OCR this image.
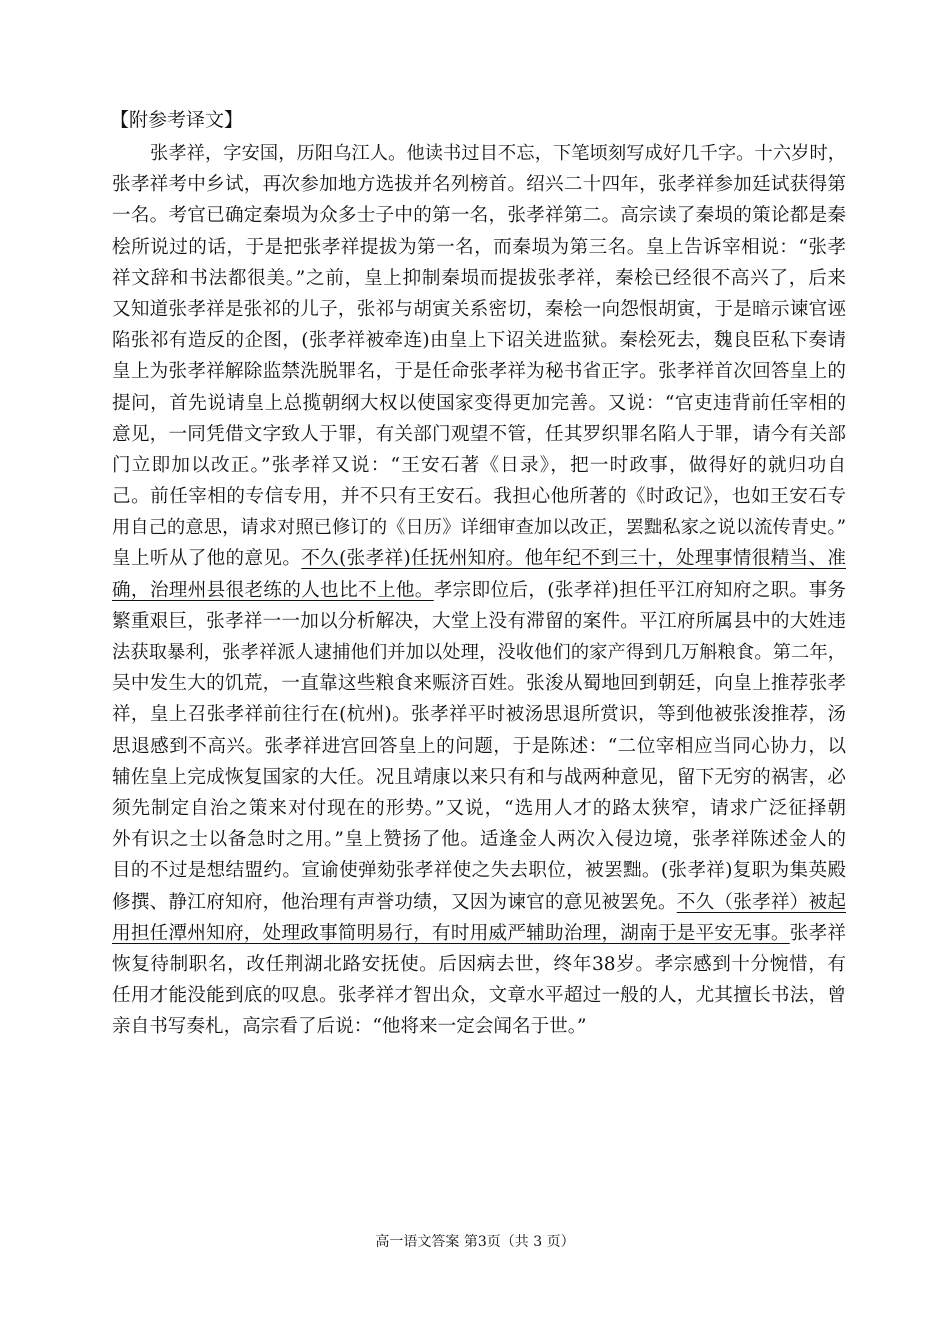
【附参考译文】
张孝祥，字安国，历阳乌江人。他读书过目不忘，下笔顷刻写成好几千字。十六岁时，
张孝祥考中乡试，再次参加地方选拔并名列榜首。绍兴二十四年，张孝祥参加廷试获得第
一名。考官已确定秦埙为众多士子中的第一名，张孝祥第二。高宗读了秦埙的策论都是秦
桧所说过的话，于是把张孝祥提拔为第一名，而秦埙为第三名。皇上告诉宰相说：“张孝
祥文辞和书法都很美。”之前，皇上抑制秦埙而提拔张孝祥，秦桧已经很不高兴了，后来
又知道张孝祥是张祁的儿子，张祁与胡寅关系密切，秦桧一向怨恨胡寅，于是暗示谏官诬
陷张祁有造反的企图，(张孝祥被牵连)由皇上下诏关进监狱。秦桧死去，魏良臣私下奏请
皇上为张孝祥解除监禁洗脱罪名，于是任命张孝祥为秘书省正字。张孝祥首次回答皇上的
提问，首先说请皇上总揽朝纲大权以使国家变得更加完善。又说：“官吏违背前任宰相的
意见，一同凭借文字致人于罪，有关部门观望不管，任其罗织罪名陷人于罪，请今有关部
门立即加以改正。”张孝祥又说：“王安石著《日录》，把一时政事，做得好的就归功自
己。前任宰相的专信专用，并不只有王安石。我担心他所著的《时政记》，也如王安石专
用自己的意思，请求对照已修订的《日历》详细审查加以改正，罢黜私家之说以流传青史。”
皇上听从了他的意见。不久(张孝祥)任抚州知府。他年纪不到三十，处理事情很精当、准
确，治理州县很老练的人也比不上他。孝宗即位后，(张孝祥)担任平江府知府之职。事务
繁重艰巨，张孝祥一一加以分析解决，大堂上没有滞留的案件。平江府所属县中的大姓违
法获取暴利，张孝祥派人逮捕他们并加以处理，没收他们的家产得到几万斛粮食。第二年，
吴中发生大的饥荒，一直靠这些粮食来赈济百姓。张浚从蜀地回到朝廷，向皇上推荐张孝
祥，皇上召张孝祥前往行在(杭州)。张孝祥平时被汤思退所赏识，等到他被张浚推荐，汤
思退感到不高兴。张孝祥进宫回答皇上的问题，于是陈述：“二位宰相应当同心协力，以
辅佐皇上完成恢复国家的大任。况且靖康以来只有和与战两种意见，留下无穷的祸害，必
须先制定自治之策来对付现在的形势。”又说，“选用人才的路太狭窄，请求广泛征择朝
外有识之士以备急时之用。”皇上赞扬了他。适逢金人两次入侵边境，张孝祥陈述金人的
目的不过是想结盟约。宣谕使弹劾张孝祥使之失去职位，被罢黜。(张孝祥)复职为集英殿
修撰、静江府知府，他治理有声誉功绩，又因为谏官的意见被罢免。不久（张孝祥）被起
用担任潭州知府，处理政事简明易行，有时用威严辅助治理，湖南于是平安无事。张孝祥
恢复待制职名，改任荆湖北路安抚使。后因病去世，终年38岁。孝宗感到十分惋惜，有
任用才能没能到底的叹息。张孝祥才智出众，文章水平超过一般的人，尤其擅长书法，曾
亲自书写奏札，高宗看了后说：“他将来一定会闻名于世。”
高一语文答案 第3页（共 3 页）
